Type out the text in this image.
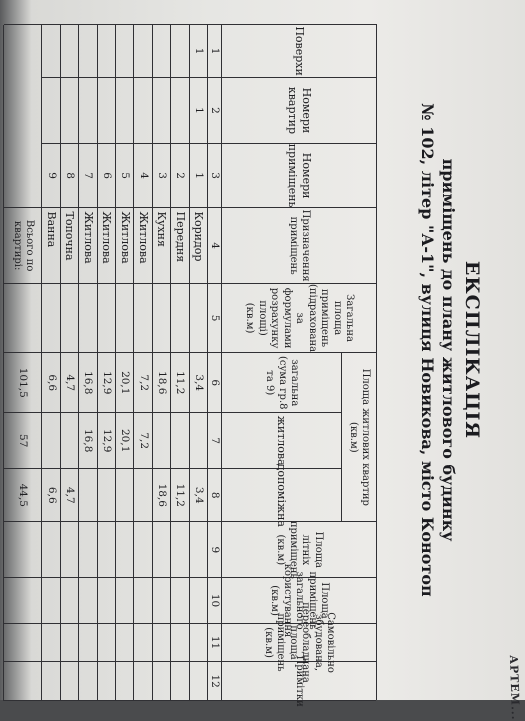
АРТЕМ...
ЕКСПЛІКАЦІЯ
приміщень до плану житлового будинку
№ 102, літер "А-1", вулиця Новикова, місто Конотоп
Поверхи
Номери квартир
Номери приміщень
Призначення приміщень
Загальна площа приміщень (підрахована за формулами розрахунку площі) (кв.м)
Площа житлових квартир (кв.м)
загальна (сума гр.8 та 9)
житлова
допоміжна
Площа літніх приміщень (кв.м)
Площа приміщень загального користування (кв.м)
Самовільно збудована, переобладнана площа приміщень (кв.м)
Примітки
1
2
3
4
5
6
7
8
9
10
11
12
1
1
1
Коридор
3,4
3,4
2
Передня
11,2
11,2
3
Кухня
18,6
18,6
4
Житлова
7,2
7,2
5
Житлова
20,1
20,1
6
Житлова
12,9
12,9
7
Житлова
16,8
16,8
8
Топочна
4,7
4,7
9
Ванна
6,6
6,6
Всього по квартирі:
101,5
57
44,5
